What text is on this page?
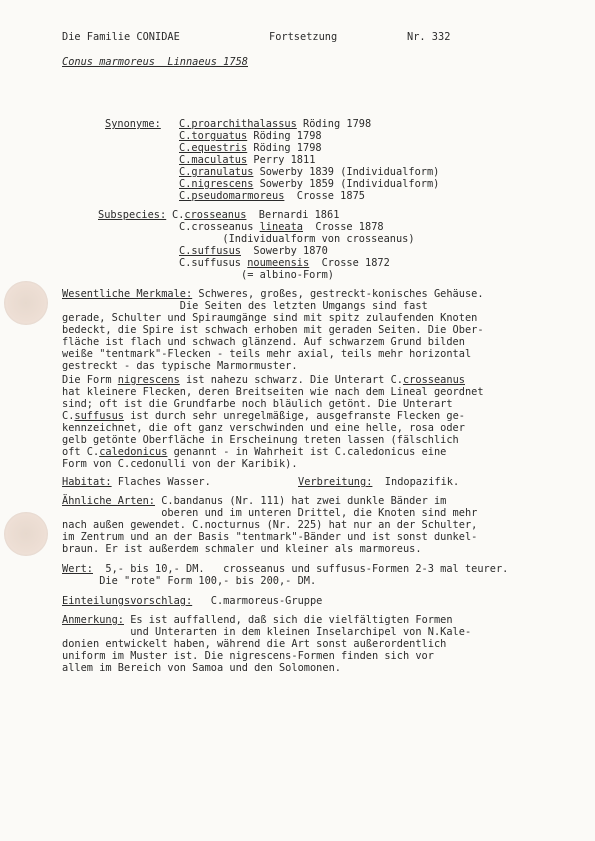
Die Familie CONIDAE	Fortsetzung	Nr. 332
Conus marmoreus  Linnaeus 1758
Synonyme: C.proarchithalassus Röding 1798
C.torguatus Röding 1798
C.equestris Röding 1798
C.maculatus Perry 1811
C.granulatus Sowerby 1839 (Individualform)
C.nigrescens Sowerby 1859 (Individualform)
C.pseudomarmoreus  Crosse 1875
Subspecies: C.crosseanus  Bernardi 1861
C.crosseanus lineata  Crosse 1878
(Individualform von crosseanus)
C.suffusus  Sowerby 1870
C.suffusus noumeensis  Crosse 1872
(= albino-Form)
Wesentliche Merkmale: Schweres, großes, gestreckt-konisches Gehäuse.
Die Seiten des letzten Umgangs sind fast
gerade, Schulter und Spiraumgänge sind mit spitz zulaufenden Knoten
bedeckt, die Spire ist schwach erhoben mit geraden Seiten. Die Ober-
fläche ist flach und schwach glänzend. Auf schwarzem Grund bilden
weiße "tentmark"-Flecken - teils mehr axial, teils mehr horizontal
gestreckt - das typische Marmormuster.
Die Form nigrescens ist nahezu schwarz. Die Unterart C.crosseanus
hat kleinere Flecken, deren Breitseiten wie nach dem Lineal geordnet
sind; oft ist die Grundfarbe noch bläulich getönt. Die Unterart
C.suffusus ist durch sehr unregelmäßige, ausgefranste Flecken ge-
kennzeichnet, die oft ganz verschwinden und eine helle, rosa oder
gelb getönte Oberfläche in Erscheinung treten lassen (fälschlich
oft C.caledonicus genannt - in Wahrheit ist C.caledonicus eine
Form von C.cedonulli von der Karibik).
Habitat: Flaches Wasser.	Verbreitung:  Indopazifik.
Ähnliche Arten: C.bandanus (Nr. 111) hat zwei dunkle Bänder im
oberen und im unteren Drittel, die Knoten sind mehr
nach außen gewendet. C.nocturnus (Nr. 225) hat nur an der Schulter,
im Zentrum und an der Basis "tentmark"-Bänder und ist sonst dunkel-
braun. Er ist außerdem schmaler und kleiner als marmoreus.
Wert:  5,- bis 10,- DM.   crosseanus und suffusus-Formen 2-3 mal teurer.
Die "rote" Form 100,- bis 200,- DM.
Einteilungsvorschlag:   C.marmoreus-Gruppe
Anmerkung: Es ist auffallend, daß sich die vielfältigten Formen
und Unterarten in dem kleinen Inselarchipel von N.Kale-
donien entwickelt haben, während die Art sonst außerordentlich
uniform im Muster ist. Die nigrescens-Formen finden sich vor
allem im Bereich von Samoa und den Solomonen.
